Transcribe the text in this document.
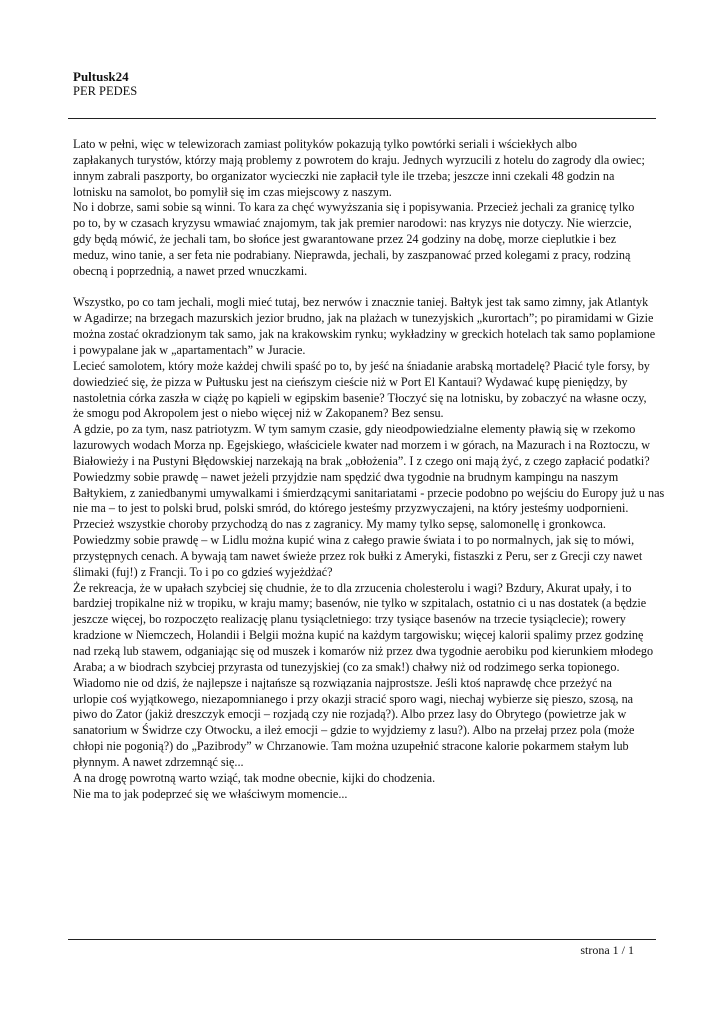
Pultusk24
PER PEDES

Lato w pełni, więc w telewizorach zamiast polityków pokazują tylko powtórki seriali i wściekłych albo

zapłakanych turystów, którzy mają problemy z powrotem do kraju. Jednych wyrzucili z hotelu do zagrody dla owiec;

innym zabrali paszporty, bo organizator wycieczki nie zapłacił tyle ile trzeba; jeszcze inni czekali 48 godzin na

lotnisku na samolot, bo pomylił się im czas miejscowy z naszym.

No i dobrze, sami sobie są winni. To kara za chęć wywyższania się i popisywania. Przecież jechali za granicę tylko

po to, by w czasach kryzysu wmawiać znajomym, tak jak premier narodowi: nas kryzys nie dotyczy. Nie wierzcie,

gdy będą mówić, że jechali tam, bo słońce jest gwarantowane przez 24 godziny na dobę, morze cieplutkie i bez

meduz, wino tanie, a ser feta nie podrabiany. Nieprawda, jechali, by zaszpanować przed kolegami z pracy, rodziną

obecną i poprzednią, a nawet przed wnuczkami.

Wszystko, po co tam jechali, mogli mieć tutaj, bez nerwów i znacznie taniej. Bałtyk jest tak samo zimny, jak Atlantyk

w Agadirze; na brzegach mazurskich jezior brudno, jak na plażach w tunezyjskich „kurortach”; po piramidami w Gizie

można zostać okradzionym tak samo, jak na krakowskim rynku; wykładziny w greckich hotelach tak samo poplamione

i powypalane jak w „apartamentach” w Juracie.

Lecieć samolotem, który może każdej chwili spaść po to, by jeść na śniadanie arabską mortadelę? Płacić tyle forsy, by

dowiedzieć się, że pizza w Pułtusku jest na cieńszym cieście niż w Port El Kantaui? Wydawać kupę pieniędzy, by

nastoletnia córka zaszła w ciążę po kąpieli w egipskim basenie? Tłoczyć się na lotnisku, by zobaczyć na własne oczy,

że smogu pod Akropolem jest o niebo więcej niż w Zakopanem? Bez sensu.

A gdzie, po za tym, nasz patriotyzm. W tym samym czasie, gdy nieodpowiedzialne elementy pławią się w rzekomo

lazurowych wodach Morza np. Egejskiego, właściciele kwater nad morzem i w górach, na Mazurach i na Roztoczu, w

Białowieży i na Pustyni Błędowskiej narzekają na brak „obłożenia”. I z czego oni mają żyć, z czego zapłacić podatki?

Powiedzmy sobie prawdę – nawet jeżeli przyjdzie nam spędzić dwa tygodnie na brudnym kampingu na naszym

Bałtykiem, z zaniedbanymi umywalkami i śmierdzącymi sanitariatami - przecie podobno po wejściu do Europy już u nas

nie ma – to jest to polski brud, polski smród, do którego jesteśmy przyzwyczajeni, na który jesteśmy uodpornieni.

Przecież wszystkie choroby przychodzą do nas z zagranicy. My mamy tylko sepsę, salomonellę i gronkowca.

Powiedzmy sobie prawdę – w Lidlu można kupić wina z całego prawie świata i to po normalnych, jak się to mówi,

przystępnych cenach. A bywają tam nawet świeże przez rok bułki z Ameryki, fistaszki z Peru, ser z Grecji czy nawet

ślimaki (fuj!) z Francji. To i po co gdzieś wyjeżdżać?

Że rekreacja, że w upałach szybciej się chudnie, że to dla zrzucenia cholesterolu i wagi? Bzdury, Akurat upały, i to

bardziej tropikalne niż w tropiku, w kraju mamy; basenów, nie tylko w szpitalach, ostatnio ci u nas dostatek (a będzie

jeszcze więcej, bo rozpoczęto realizację planu tysiącletniego: trzy tysiące basenów na trzecie tysiąclecie); rowery

kradzione w Niemczech, Holandii i Belgii można kupić na każdym targowisku; więcej kalorii spalimy przez godzinę

nad rzeką lub stawem, odganiając się od muszek i komarów niż przez dwa tygodnie aerobiku pod kierunkiem młodego

Araba; a w biodrach szybciej przyrasta od tunezyjskiej (co za smak!) chałwy niż od rodzimego serka topionego.

Wiadomo nie od dziś, że najlepsze i najtańsze są rozwiązania najprostsze. Jeśli ktoś naprawdę chce przeżyć na

urlopie coś wyjątkowego, niezapomnianego i przy okazji stracić sporo wagi, niechaj wybierze się pieszo, szosą, na

piwo do Zator (jakiż dreszczyk emocji – rozjadą czy nie rozjadą?). Albo przez lasy do Obrytego (powietrze jak w

sanatorium w Świdrze czy Otwocku, a ileż emocji – gdzie to wyjdziemy z lasu?). Albo na przełaj przez pola (może

chłopi nie pogonią?) do „Pazibrody” w Chrzanowie. Tam można uzupełnić stracone kalorie pokarmem stałym lub

płynnym. A nawet zdrzemnąć się...

A na drogę powrotną warto wziąć, tak modne obecnie, kijki do chodzenia.

Nie ma to jak podeprzeć się we właściwym momencie...

strona 1 / 1
